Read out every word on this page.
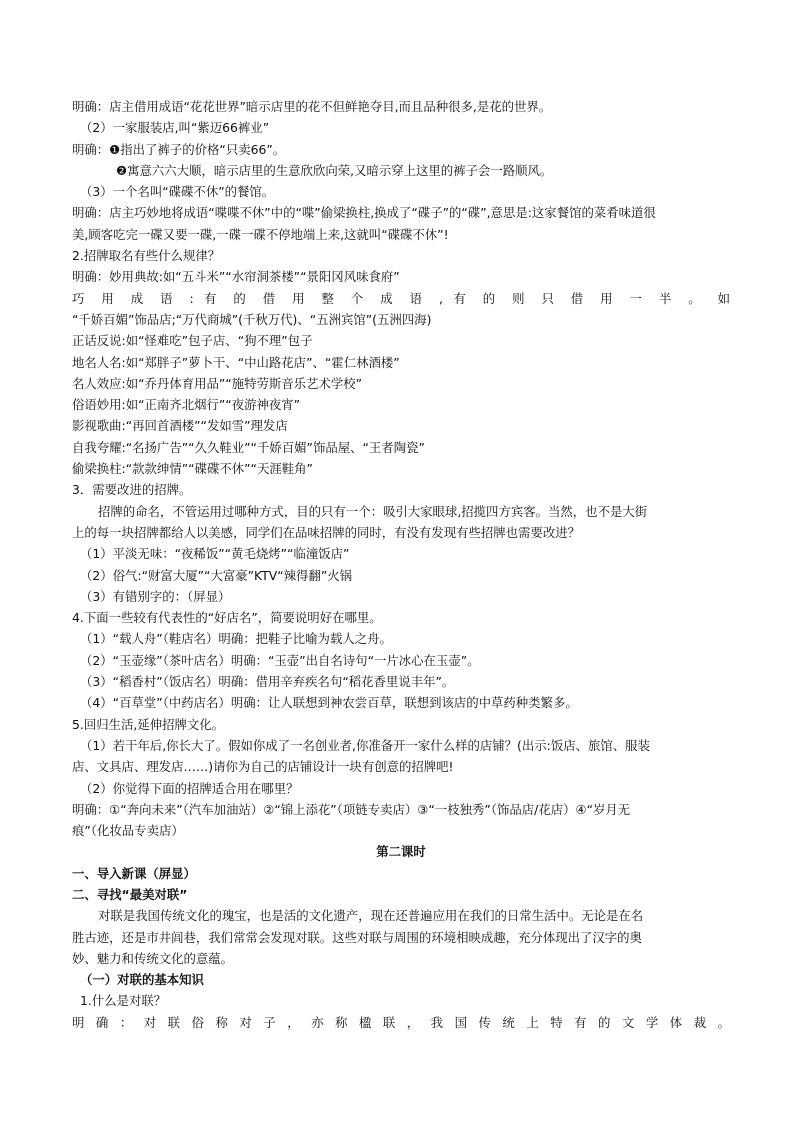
明确：店主借用成语“花花世界”暗示店里的花不但鲜艳夺目,而且品种很多,是花的世界。
（2）一家服装店,叫“紫迈66裤业”
明确：❶指出了裤子的价格“只卖66”。
❷寓意六六大顺，暗示店里的生意欣欣向荣,又暗示穿上这里的裤子会一路顺风。
（3）一个名叫“碟碟不休”的餐馆。
明确：店主巧妙地将成语“喋喋不休”中的“喋”偷梁换柱,换成了“碟子”的“碟”,意思是:这家餐馆的菜肴味道很
美,顾客吃完一碟又要一碟,一碟一碟不停地端上来,这就叫“碟碟不休”!
2.招牌取名有些什么规律？
明确：妙用典故:如“五斗米”“水帘洞茶楼”“景阳冈风味食府”
巧 用 成 语 : 有 的 借 用 整 个 成 语 , 有 的 则 只 借 用 一 半 。 如
“千娇百媚”饰品店;“万代商城”(千秋万代)、“五洲宾馆”(五洲四海)
正话反说:如“怪难吃”包子店、“狗不理”包子
地名人名:如“郑胖子”萝卜干、“中山路花店”、“霍仁林酒楼”
名人效应:如“乔丹体育用品”“施特劳斯音乐艺术学校”
俗语妙用:如“正南齐北烟行”“夜游神夜宵”
影视歌曲:“再回首酒楼”“发如雪”理发店
自我夸耀:“名扬广告”“久久鞋业”“千娇百媚”饰品屋、“王者陶瓷”
偷梁换柱:“款款绅情”“碟碟不休”“天涯鞋角”
3．需要改进的招牌。
招牌的命名，不管运用过哪种方式，目的只有一个：吸引大家眼球,招揽四方宾客。当然，也不是大街
上的每一块招牌都给人以美感，同学们在品味招牌的同时，有没有发现有些招牌也需要改进？
（1）平淡无味：“夜稀饭”“黄毛烧烤”“临潼饭店”
（2）俗气:“财富大厦”“大富豪”KTV“辣得翻”火锅
（3）有错别字的：（屏显）
4.下面一些较有代表性的“好店名”，简要说明好在哪里。
（1）“载人舟”（鞋店名）明确：把鞋子比喻为载人之舟。
（2）“玉壶缘”（茶叶店名）明确：“玉壶”出自名诗句“一片冰心在玉壶”。
（3）“稻香村”（饭店名）明确：借用辛弃疾名句“稻花香里说丰年”。
（4）“百草堂”（中药店名）明确：让人联想到神农尝百草，联想到该店的中草药种类繁多。
5.回归生活,延伸招牌文化。
（1）若干年后,你长大了。假如你成了一名创业者,你准备开一家什么样的店铺？(出示:饭店、旅馆、服装
店、文具店、理发店……)请你为自己的店铺设计一块有创意的招牌吧!
（2）你觉得下面的招牌适合用在哪里？
明确：①“奔向未来”（汽车加油站）②“锦上添花”（项链专卖店）③“一枝独秀”（饰品店/花店）④“岁月无
痕”（化妆品专卖店）
第二课时
一、导入新课（屏显）
二、寻找“最美对联”
对联是我国传统文化的瑰宝，也是活的文化遗产，现在还普遍应用在我们的日常生活中。无论是在名
胜古迹，还是市井闾巷，我们常常会发现对联。这些对联与周围的环境相映成趣，充分体现出了汉字的奥
妙、魅力和传统文化的意蕴。
（一）对联的基本知识
1.什么是对联？
明 确 ： 对 联 俗 称 对 子 ， 亦 称 楹 联 ， 我 国 传 统 上 特 有 的 文 学 体 裁 。
